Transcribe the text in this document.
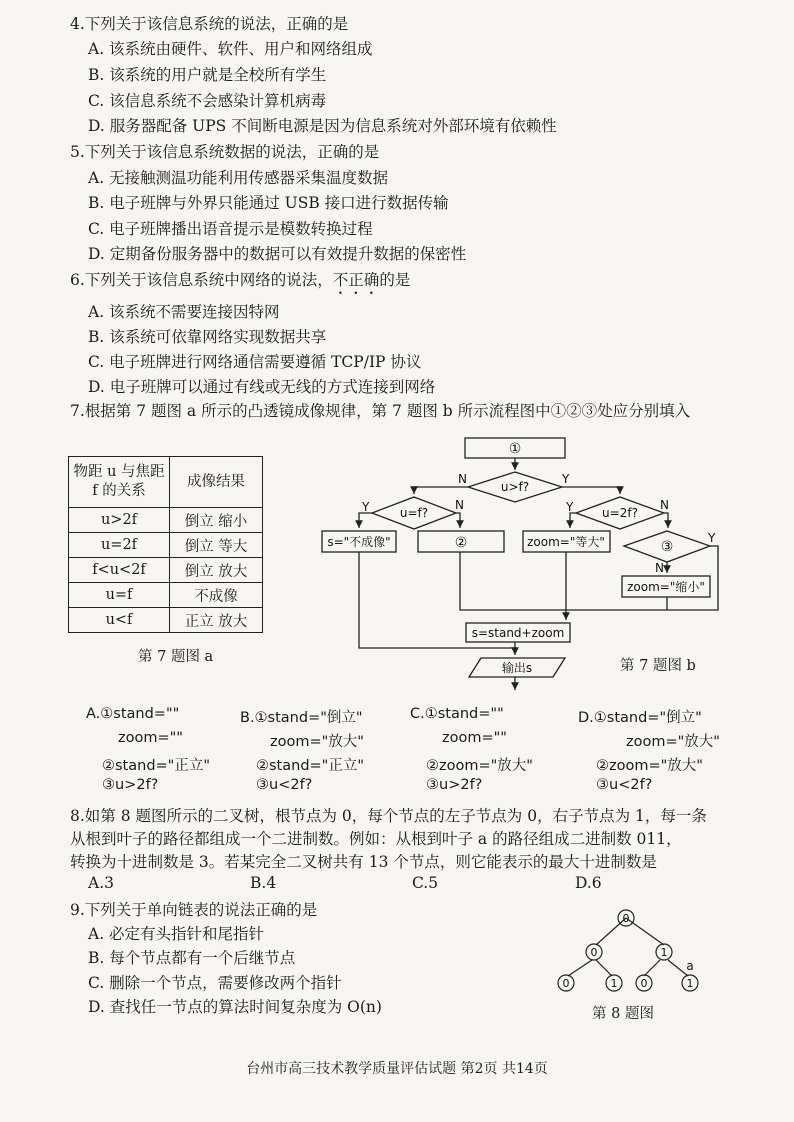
4.下列关于该信息系统的说法，正确的是
A. 该系统由硬件、软件、用户和网络组成
B. 该系统的用户就是全校所有学生
C. 该信息系统不会感染计算机病毒
D. 服务器配备 UPS 不间断电源是因为信息系统对外部环境有依赖性
5.下列关于该信息系统数据的说法，正确的是
A. 无接触测温功能利用传感器采集温度数据
B. 电子班牌与外界只能通过 USB 接口进行数据传输
C. 电子班牌播出语音提示是模数转换过程
D. 定期备份服务器中的数据可以有效提升数据的保密性
6.下列关于该信息系统中网络的说法，不正确的是
A. 该系统不需要连接因特网
B. 该系统可依靠网络实现数据共享
C. 电子班牌进行网络通信需要遵循 TCP/IP 协议
D. 电子班牌可以通过有线或无线的方式连接到网络
7.根据第 7 题图 a 所示的凸透镜成像规律，第 7 题图 b 所示流程图中①②③处应分别填入
物距 u 与焦距 f 的关系	成像结果
u>2f	倒立 缩小
u=2f	倒立 等大
f<u<2f	倒立 放大
u=f	不成像
u<f	正立 放大
第 7 题图 a
①
u>f?
N	Y
u=f?
Y	N
u=2f?
Y	N
s="不成像"	②	zoom="等大"	③
Y
N
zoom="缩小"
s=stand+zoom
输出s	第 7 题图 b
A.①stand=""
zoom=""
②stand="正立"
③u>2f?
B.①stand="倒立"
zoom="放大"
②stand="正立"
③u<2f?
C.①stand=""
zoom=""
②zoom="放大"
③u>2f?
D.①stand="倒立"
zoom="放大"
②zoom="放大"
③u<2f?
8.如第 8 题图所示的二叉树，根节点为 0，每个节点的左子节点为 0，右子节点为 1，每一条
从根到叶子的路径都组成一个二进制数。例如：从根到叶子 a 的路径组成二进制数 011，
转换为十进制数是 3。若某完全二叉树共有 13 个节点，则它能表示的最大十进制数是
A.3	B.4	C.5	D.6
9.下列关于单向链表的说法正确的是
A. 必定有头指针和尾指针
B. 每个节点都有一个后继节点
C. 删除一个节点，需要修改两个指针
D. 查找任一节点的算法时间复杂度为 O(n)
0
0	1
0	1 0	1
a
第 8 题图
台州市高三技术教学质量评估试题 第2页 共14页
